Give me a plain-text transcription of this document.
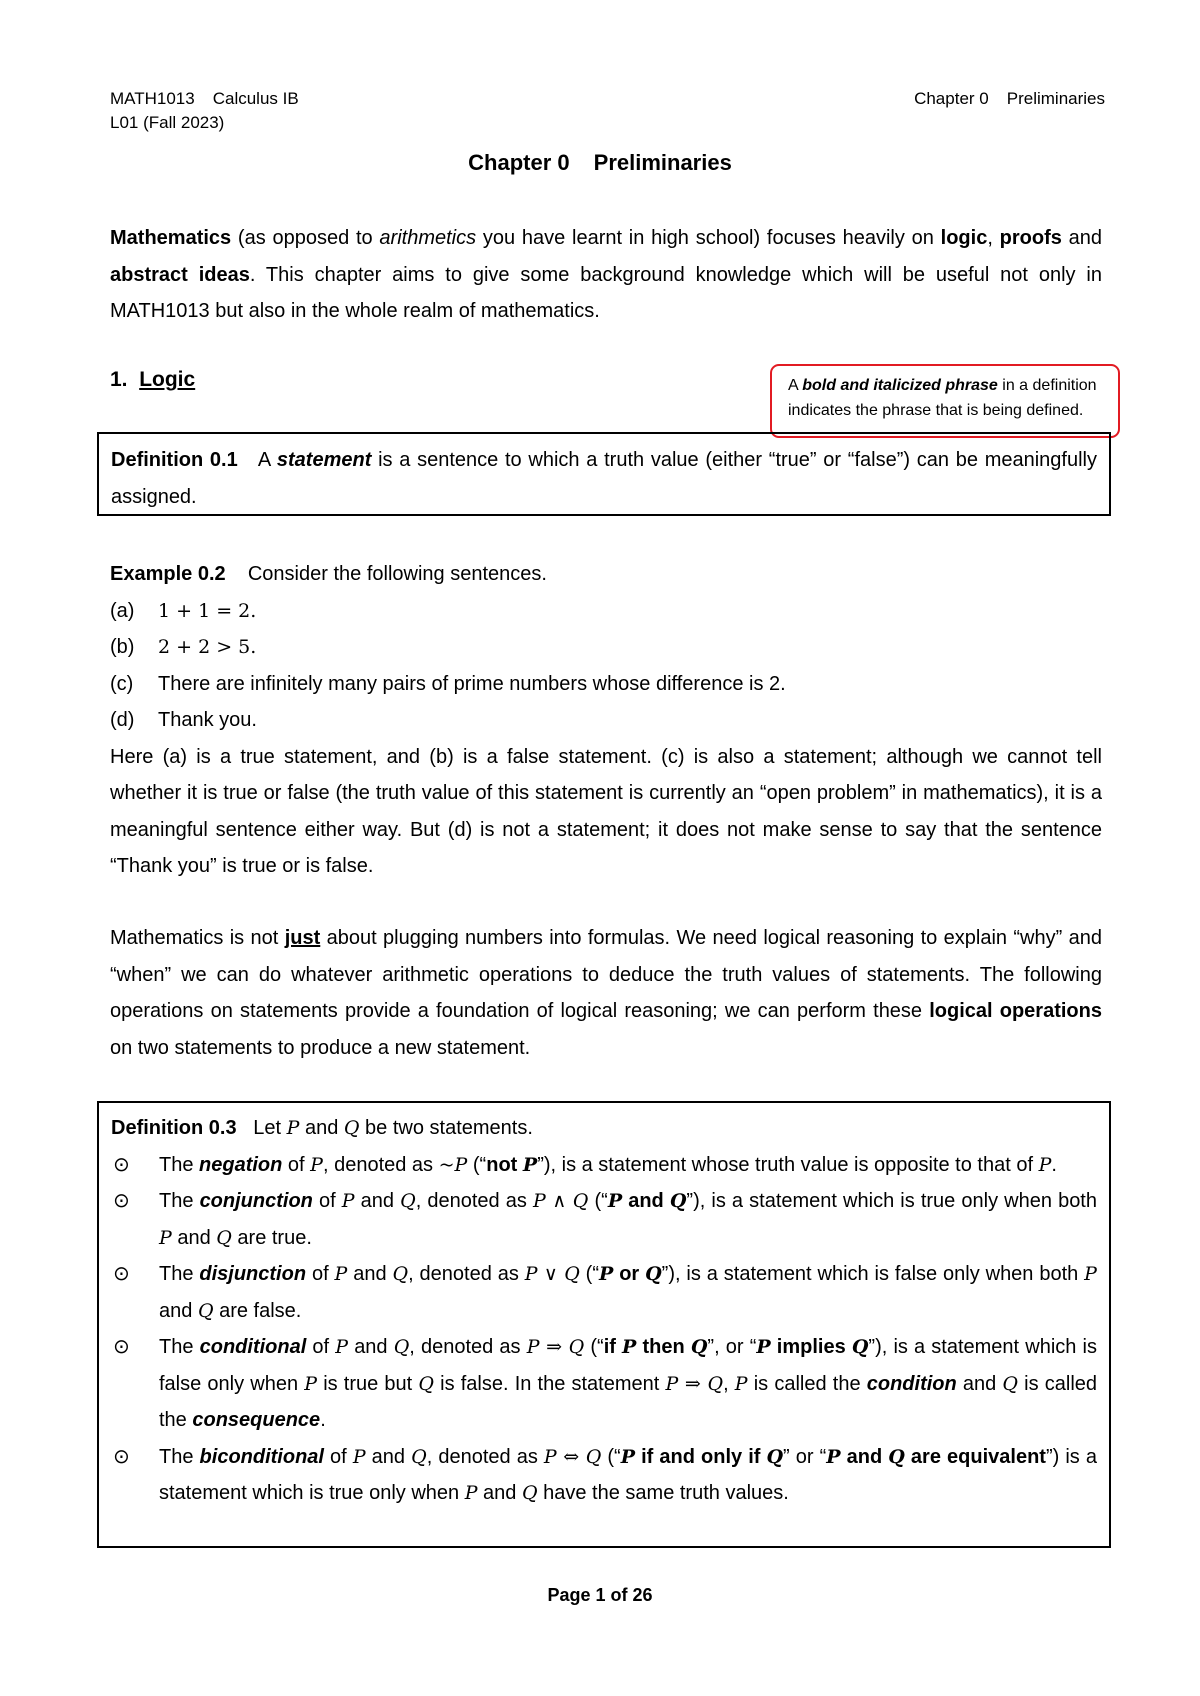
MATH1013 Calculus IB
L01 (Fall 2023)
Chapter 0 Preliminaries
Chapter 0 Preliminaries

Mathematics (as opposed to arithmetics you have learnt in high school) focuses heavily on logic, proofs and abstract ideas. This chapter aims to give some background knowledge which will be useful not only in MATH1013 but also in the whole realm of mathematics.

1. Logic	A bold and italicized phrase in a definition
indicates the phrase that is being defined.

Definition 0.1 A statement is a sentence to which a truth value (either “true” or “false”) can be meaningfully assigned.

Example 0.2 Consider the following sentences.
(a) 1 + 1 = 2.
(b) 2 + 2 > 5.
(c) There are infinitely many pairs of prime numbers whose difference is 2.
(d) Thank you.

Here (a) is a true statement, and (b) is a false statement. (c) is also a statement; although we cannot tell whether it is true or false (the truth value of this statement is currently an “open problem” in mathematics), it is a meaningful sentence either way. But (d) is not a statement; it does not make sense to say that the sentence “Thank you” is true or is false.

Mathematics is not just about plugging numbers into formulas. We need logical reasoning to explain “why” and “when” we can do whatever arithmetic operations to deduce the truth values of statements. The following operations on statements provide a foundation of logical reasoning; we can perform these logical operations on two statements to produce a new statement.

Definition 0.3 Let P and Q be two statements.

⊙ The negation of P, denoted as ~P (“not P”), is a statement whose truth value is opposite to that of P.
⊙ The conjunction of P and Q, denoted as P ∧ Q (“P and Q”), is a statement which is true only when both P and Q are true.
⊙ The disjunction of P and Q, denoted as P ∨ Q (“P or Q”), is a statement which is false only when both P and Q are false.
⊙ The conditional of P and Q, denoted as P ⇒ Q (“if P then Q”, or “P implies Q”), is a statement which is false only when P is true but Q is false. In the statement P ⇒ Q, P is called the condition and Q is called the consequence.
⊙ The biconditional of P and Q, denoted as P ⇔ Q (“P if and only if Q” or “P and Q are equivalent”) is a statement which is true only when P and Q have the same truth values.
Page 1 of 26
